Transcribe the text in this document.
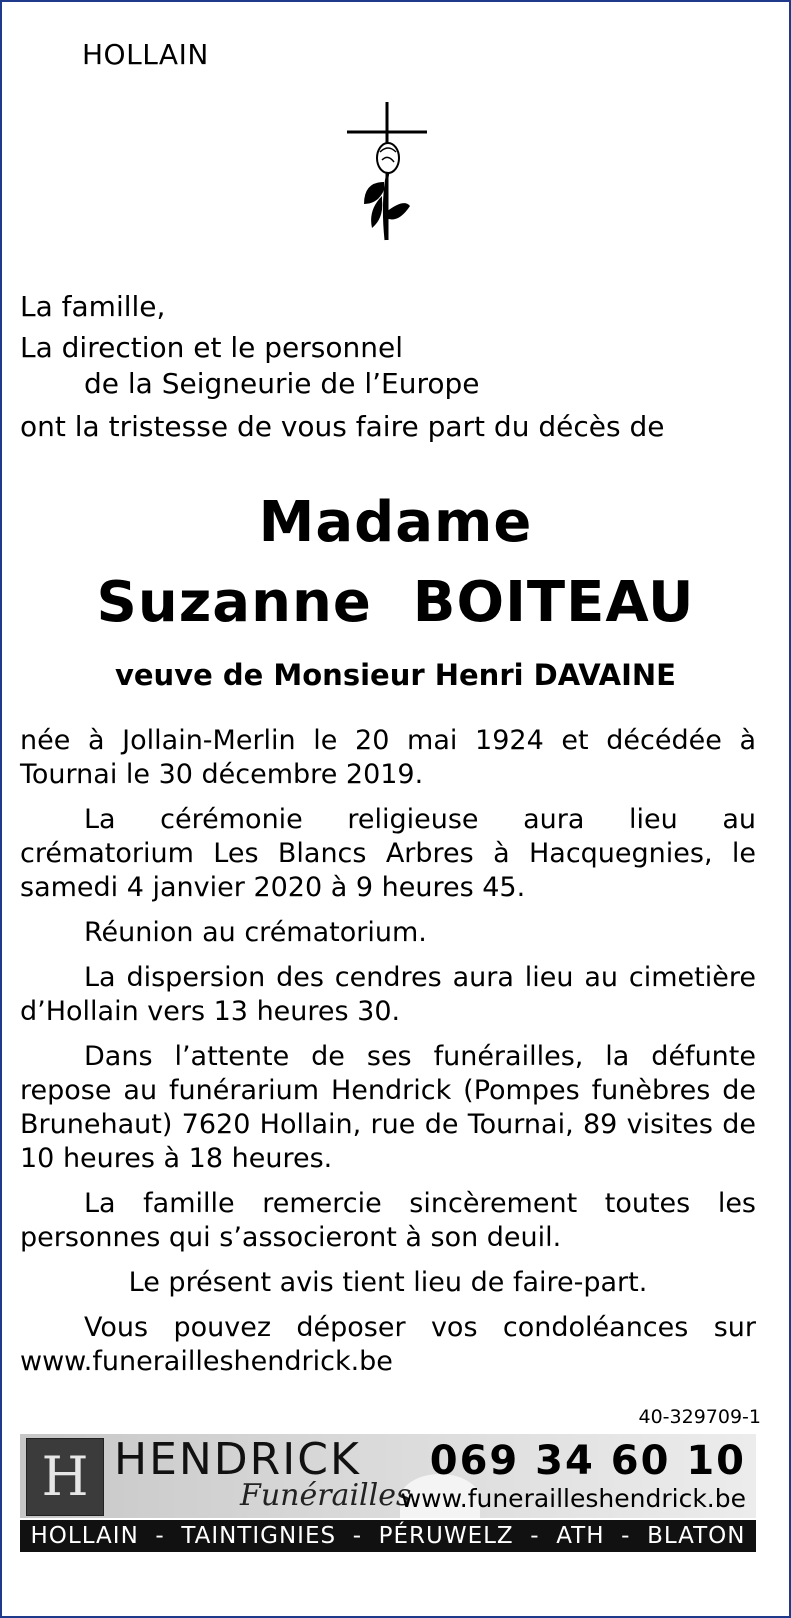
HOLLAIN
La famille,
La direction et le personnel
de la Seigneurie de l’Europe
ont la tristesse de vous faire part du décès de
Madame
Suzanne  BOITEAU
veuve de Monsieur Henri DAVAINE

née à Jollain-Merlin le 20 mai 1924 et décédée à Tournai le 30 décembre 2019.

La cérémonie religieuse aura lieu au crématorium Les Blancs Arbres à Hacquegnies, le samedi 4 janvier 2020 à 9 heures 45.

Réunion au crématorium.

La dispersion des cendres aura lieu au cimetière d’Hollain vers 13 heures 30.

Dans l’attente de ses funérailles, la défunte repose au funérarium Hendrick (Pompes funèbres de Brunehaut) 7620 Hollain, rue de Tournai, 89 visites de 10 heures à 18 heures.

La famille remercie sincèrement toutes les personnes qui s’associeront à son deuil.

Le présent avis tient lieu de faire-part.

Vous pouvez déposer vos condoléances sur www.funerailleshendrick.be

40-329709-1
H HENDRICK
Funérailles
069 34 60 10
www.funerailleshendrick.be
HOLLAIN  -  TAINTIGNIES  -  PÉRUWELZ  -  ATH  -  BLATON
